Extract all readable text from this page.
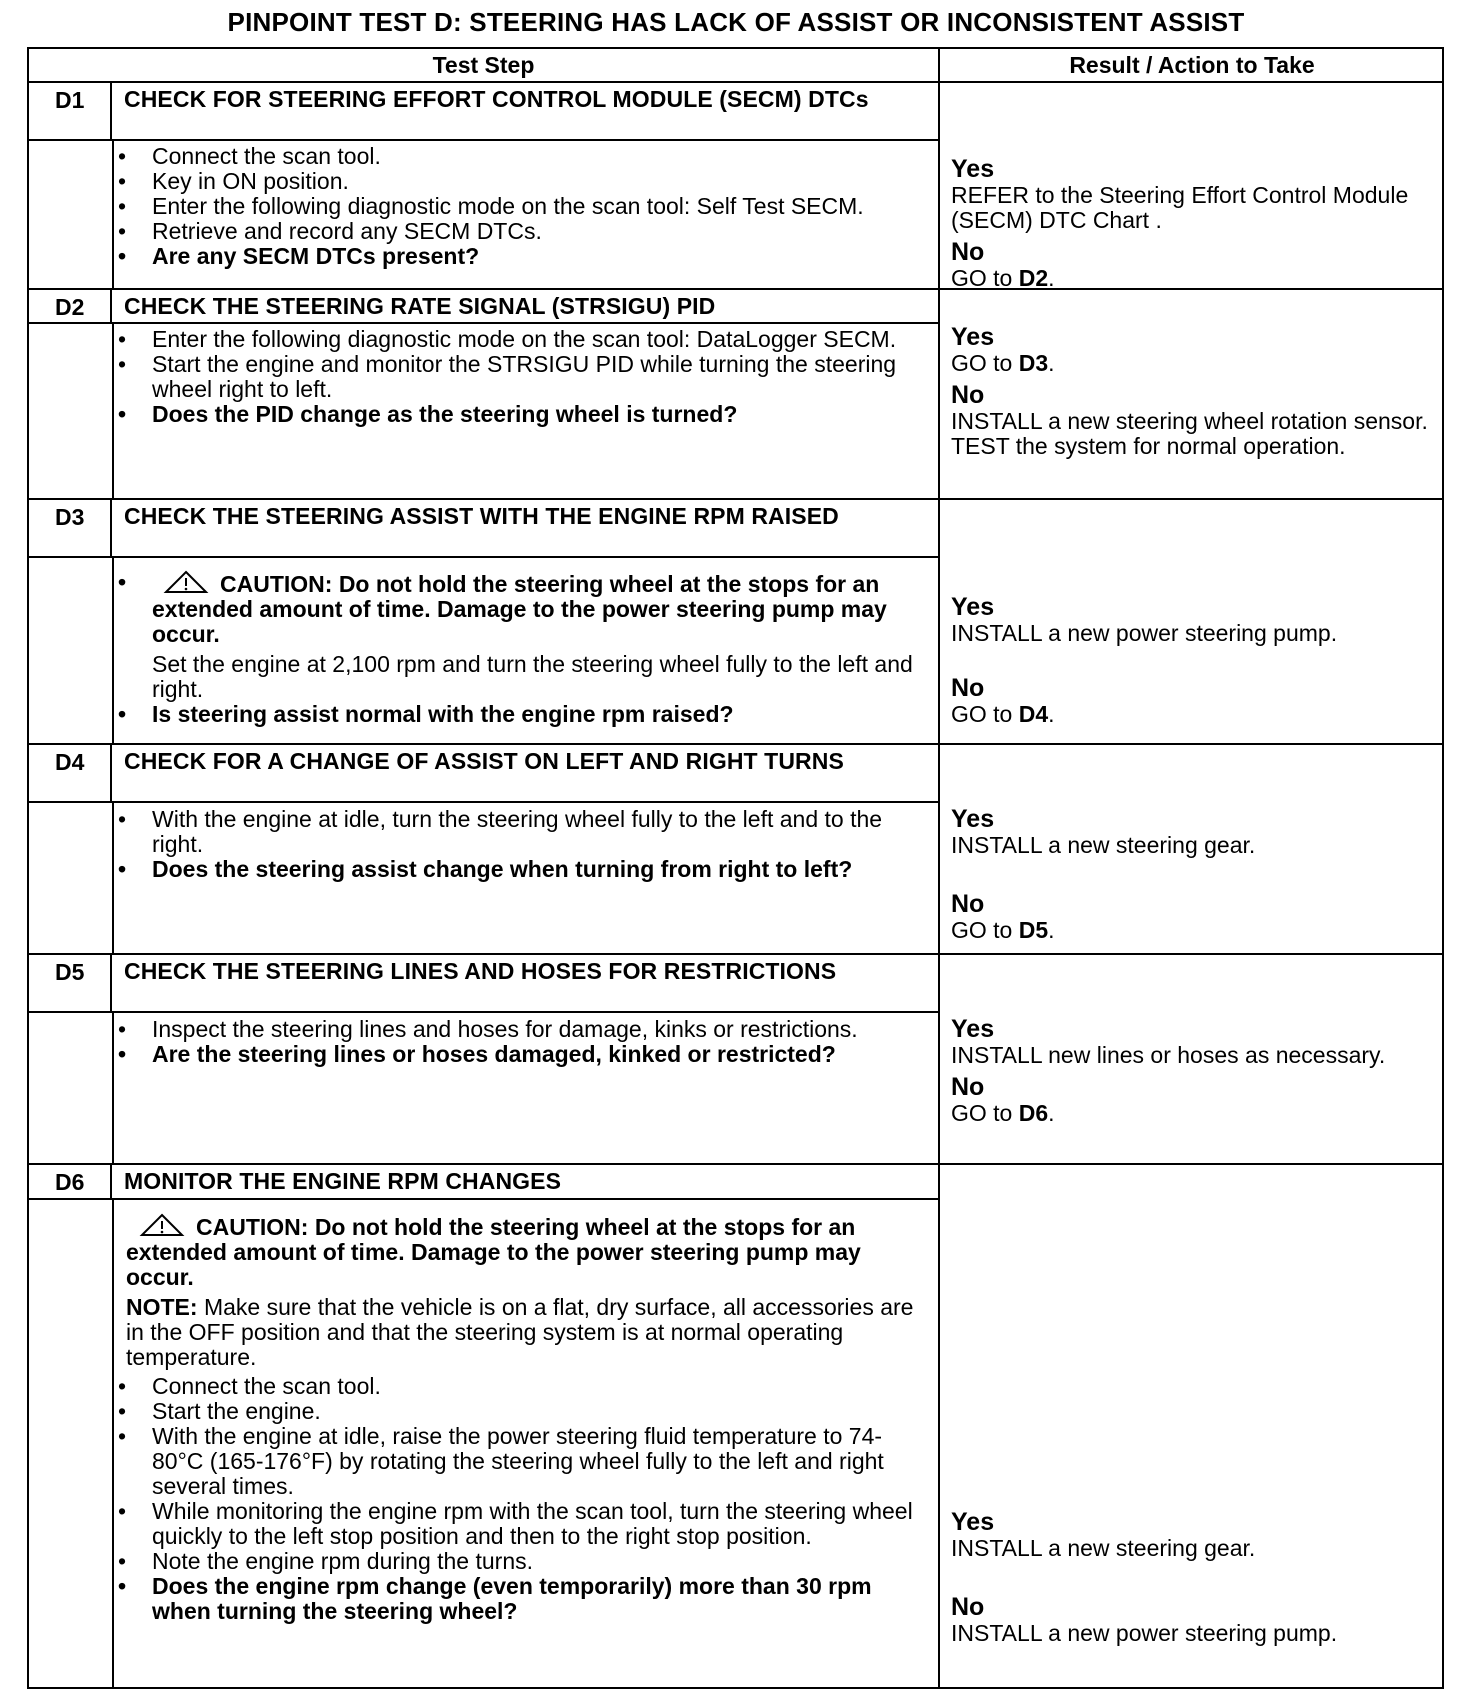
PINPOINT TEST D: STEERING HAS LACK OF ASSIST OR INCONSISTENT ASSIST
Test Step	Result / Action to Take
D1	CHECK FOR STEERING EFFORT CONTROL MODULE (SECM) DTCs
• Connect the scan tool.
• Key in ON position.
• Enter the following diagnostic mode on the scan tool: Self Test SECM.
• Retrieve and record any SECM DTCs.
• Are any SECM DTCs present?
Yes
REFER to the Steering Effort Control Module (SECM) DTC Chart .
No
GO to D2.
D2	CHECK THE STEERING RATE SIGNAL (STRSIGU) PID
• Enter the following diagnostic mode on the scan tool: DataLogger SECM.
• Start the engine and monitor the STRSIGU PID while turning the steering wheel right to left.
• Does the PID change as the steering wheel is turned?
Yes
GO to D3.
No
INSTALL a new steering wheel rotation sensor. TEST the system for normal operation.
D3	CHECK THE STEERING ASSIST WITH THE ENGINE RPM RAISED
• CAUTION: Do not hold the steering wheel at the stops for an extended amount of time. Damage to the power steering pump may occur.
Set the engine at 2,100 rpm and turn the steering wheel fully to the left and right.
• Is steering assist normal with the engine rpm raised?
Yes
INSTALL a new power steering pump.
No
GO to D4.
D4	CHECK FOR A CHANGE OF ASSIST ON LEFT AND RIGHT TURNS
• With the engine at idle, turn the steering wheel fully to the left and to the right.
• Does the steering assist change when turning from right to left?
Yes
INSTALL a new steering gear.
No
GO to D5.
D5	CHECK THE STEERING LINES AND HOSES FOR RESTRICTIONS
• Inspect the steering lines and hoses for damage, kinks or restrictions.
• Are the steering lines or hoses damaged, kinked or restricted?
Yes
INSTALL new lines or hoses as necessary.
No
GO to D6.
D6	MONITOR THE ENGINE RPM CHANGES
CAUTION: Do not hold the steering wheel at the stops for an extended amount of time. Damage to the power steering pump may occur.
NOTE: Make sure that the vehicle is on a flat, dry surface, all accessories are in the OFF position and that the steering system is at normal operating temperature.
• Connect the scan tool.
• Start the engine.
• With the engine at idle, raise the power steering fluid temperature to 74-80°C (165-176°F) by rotating the steering wheel fully to the left and right several times.
• While monitoring the engine rpm with the scan tool, turn the steering wheel quickly to the left stop position and then to the right stop position.
• Note the engine rpm during the turns.
• Does the engine rpm change (even temporarily) more than 30 rpm when turning the steering wheel?
Yes
INSTALL a new steering gear.
No
INSTALL a new power steering pump.
